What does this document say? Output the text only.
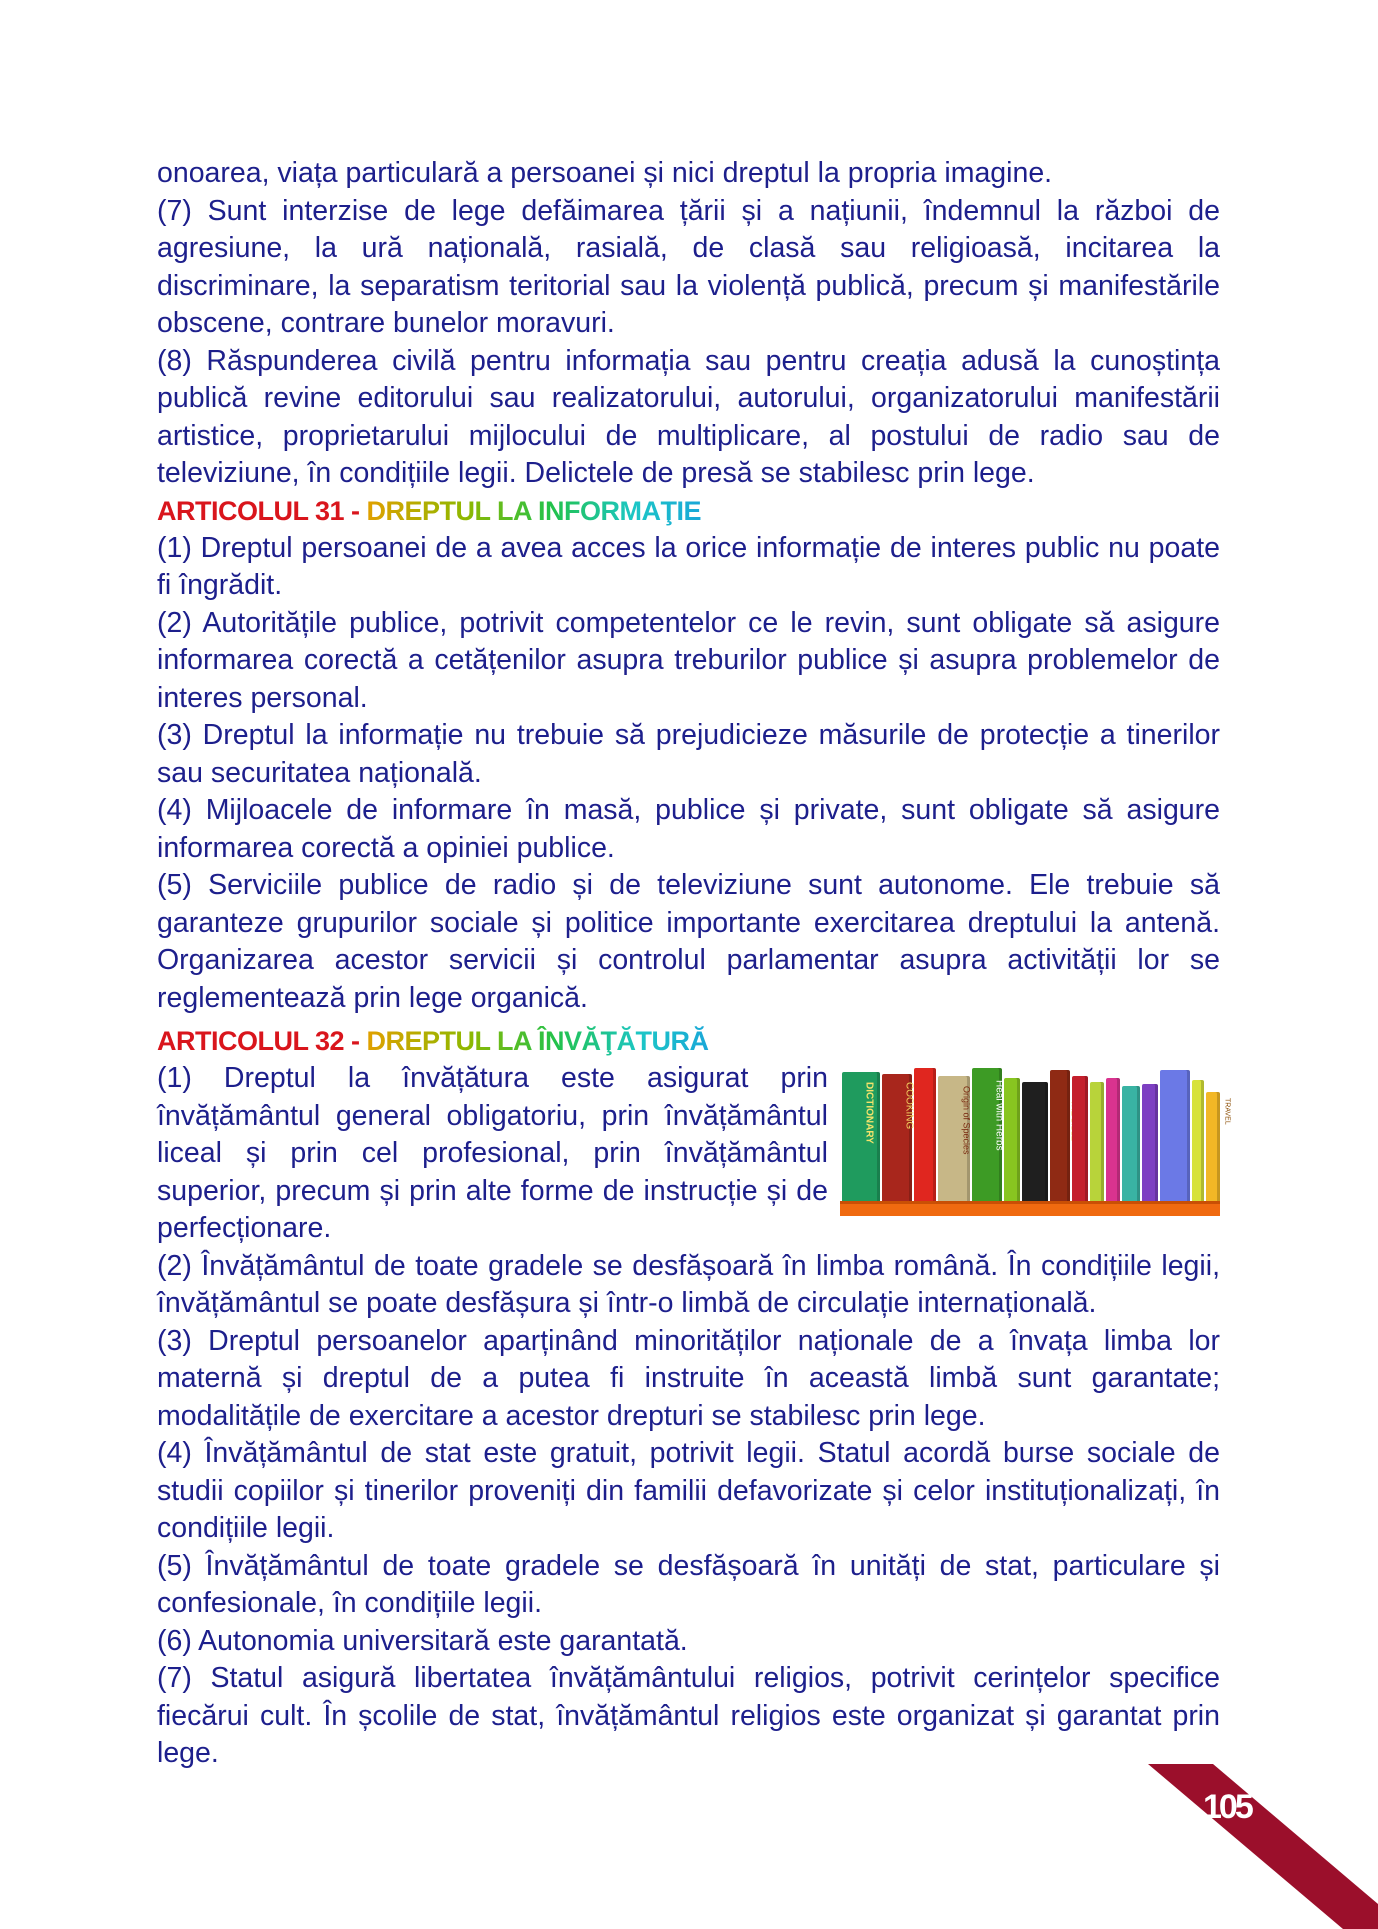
onoarea, viața particulară a persoanei și nici dreptul la propria imagine.

(7) Sunt interzise de lege defăimarea țării și a națiunii, îndemnul la război de agresiune, la ură națională, rasială, de clasă sau religioasă, incitarea la discriminare, la separatism teritorial sau la violență publică, precum și manifestările obscene, contrare bunelor moravuri.

(8) Răspunderea civilă pentru informația sau pentru creația adusă la cunoștința publică revine editorului sau realizatorului, autorului, organizatorului manifestării artistice, proprietarului mijlocului de multiplicare, al postului de radio sau de televiziune, în condițiile legii. Delictele de presă se stabilesc prin lege.

ARTICOLUL 31 - DREPTUL LA INFORMAŢIE

(1) Dreptul persoanei de a avea acces la orice informație de interes public nu poate fi îngrădit.

(2) Autoritățile publice, potrivit competentelor ce le revin, sunt obligate să asigure informarea corectă a cetățenilor asupra treburilor publice și asupra problemelor de interes personal.

(3) Dreptul la informație nu trebuie să prejudicieze măsurile de protecție a tinerilor sau securitatea națională.

(4) Mijloacele de informare în masă, publice și private, sunt obligate să asigure informarea corectă a opiniei publice.

(5) Serviciile publice de radio și de televiziune sunt autonome. Ele trebuie să garanteze grupurilor sociale și politice importante exercitarea dreptului la antenă. Organizarea acestor servicii și controlul parlamentar asupra activității lor se reglementează prin lege organică.

ARTICOLUL 32 - DREPTUL LA ÎNVĂŢĂTURĂ
DICTIONARY	COOKING	Origin of Species	Heal with Herbs	TRAVEL

(1) Dreptul la învățătura este asigurat prin învățământul general obligatoriu, prin învățământul liceal și prin cel profesional, prin învățământul superior, precum și prin alte forme de instrucție și de perfecționare.

(2) Învățământul de toate gradele se desfășoară în limba română. În condițiile legii, învățământul se poate desfășura și într-o limbă de circulație internațională.

(3) Dreptul persoanelor aparținând minorităților naționale de a învața limba lor maternă și dreptul de a putea fi instruite în această limbă sunt garantate; modalitățile de exercitare a acestor drepturi se stabilesc prin lege.

(4) Învățământul de stat este gratuit, potrivit legii. Statul acordă burse sociale de studii copiilor și tinerilor proveniți din familii defavorizate și celor instituționalizați, în condițiile legii.

(5) Învățământul de toate gradele se desfășoară în unități de stat, particulare și confesionale, în condițiile legii.

(6) Autonomia universitară este garantată.

(7) Statul asigură libertatea învățământului religios, potrivit cerințelor specifice fiecărui cult. În școlile de stat, învățământul religios este organizat și garantat prin lege.

105
